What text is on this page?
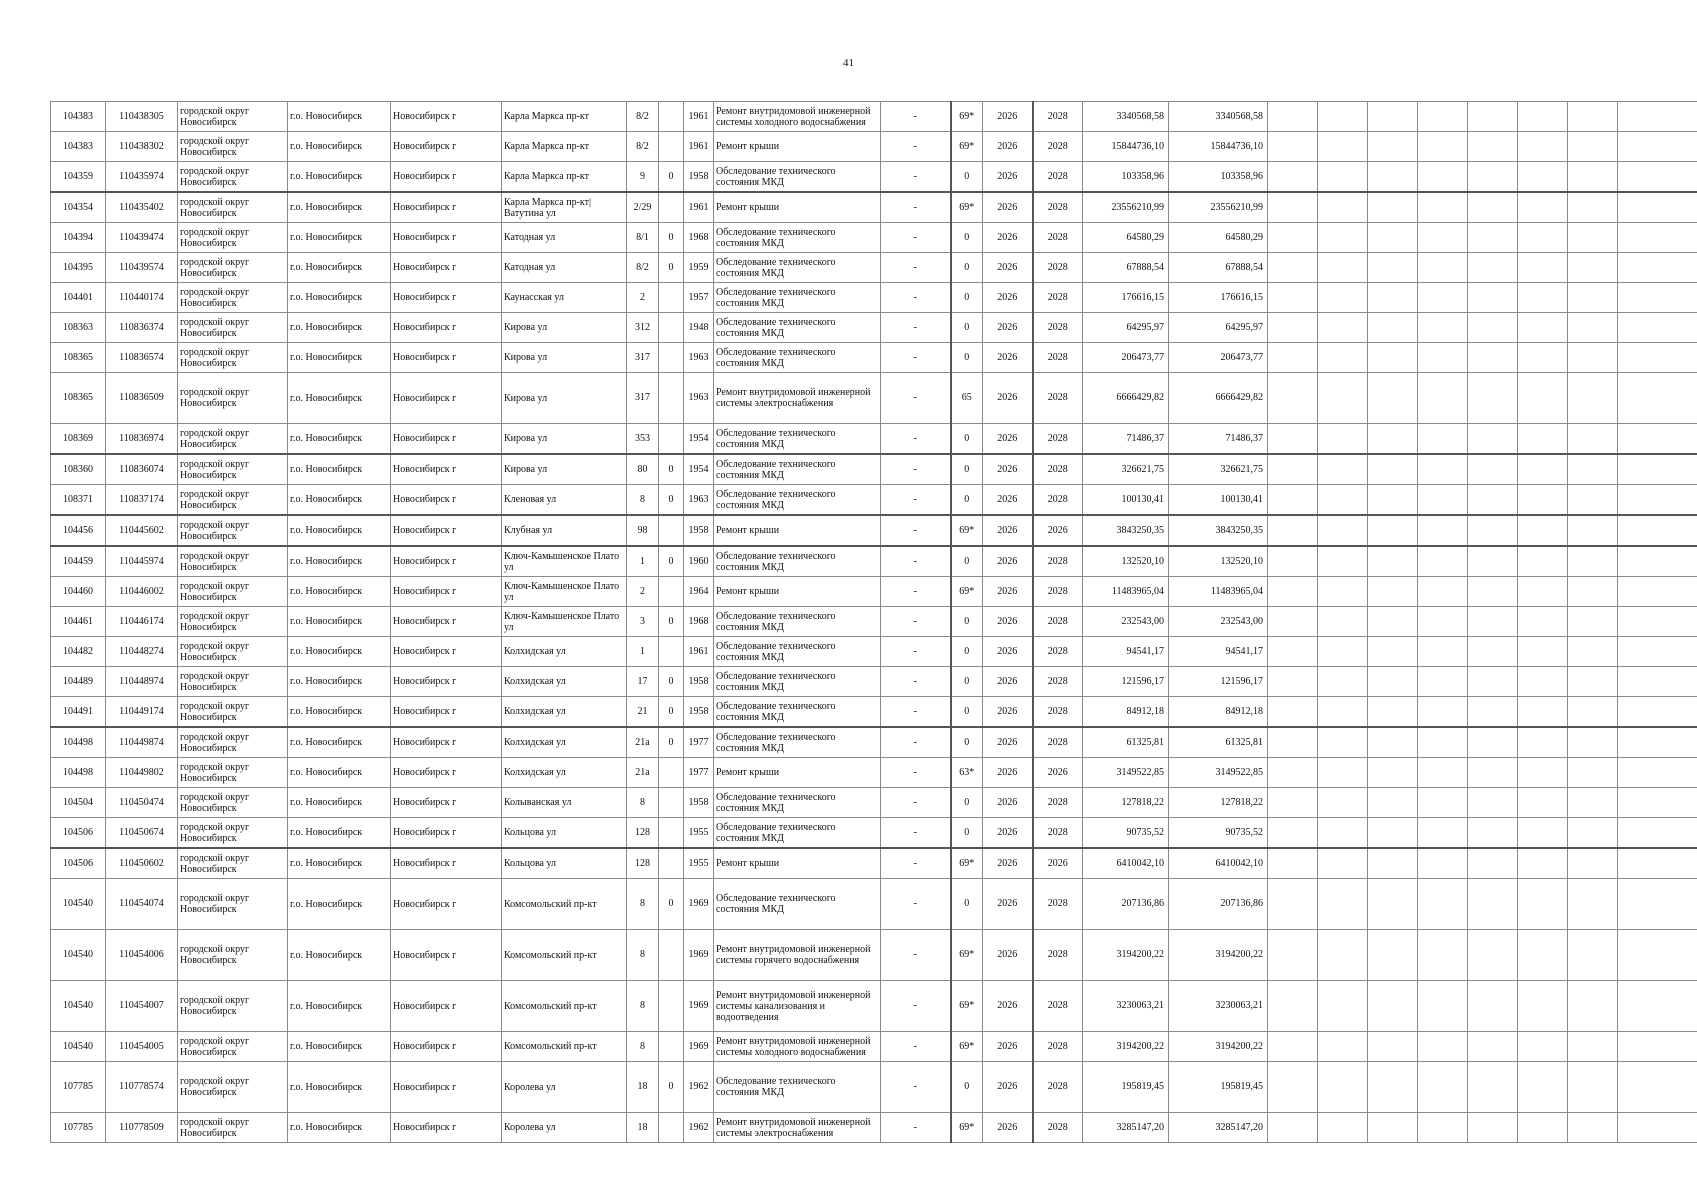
41
104383	110438305	городской округ Новосибирск	г.о. Новосибирск	Новосибирск г	Карла Маркса пр-кт	8/2		1961	Ремонт внутридомовой инженерной системы холодного водоснабжения	-	69*	2026	2028	3340568,58	3340568,58								
104383	110438302	городской округ Новосибирск	г.о. Новосибирск	Новосибирск г	Карла Маркса пр-кт	8/2		1961	Ремонт крыши	-	69*	2026	2028	15844736,10	15844736,10								
104359	110435974	городской округ Новосибирск	г.о. Новосибирск	Новосибирск г	Карла Маркса пр-кт	9	0	1958	Обследование технического состояния МКД	-	0	2026	2028	103358,96	103358,96								
104354	110435402	городской округ Новосибирск	г.о. Новосибирск	Новосибирск г	Карла Маркса пр-кт|Ватутина ул	2/29		1961	Ремонт крыши	-	69*	2026	2028	23556210,99	23556210,99								
104394	110439474	городской округ Новосибирск	г.о. Новосибирск	Новосибирск г	Катодная ул	8/1	0	1968	Обследование технического состояния МКД	-	0	2026	2028	64580,29	64580,29								
104395	110439574	городской округ Новосибирск	г.о. Новосибирск	Новосибирск г	Катодная ул	8/2	0	1959	Обследование технического состояния МКД	-	0	2026	2028	67888,54	67888,54								
104401	110440174	городской округ Новосибирск	г.о. Новосибирск	Новосибирск г	Каунасская ул	2		1957	Обследование технического состояния МКД	-	0	2026	2028	176616,15	176616,15								
108363	110836374	городской округ Новосибирск	г.о. Новосибирск	Новосибирск г	Кирова ул	312		1948	Обследование технического состояния МКД	-	0	2026	2028	64295,97	64295,97								
108365	110836574	городской округ Новосибирск	г.о. Новосибирск	Новосибирск г	Кирова ул	317		1963	Обследование технического состояния МКД	-	0	2026	2028	206473,77	206473,77								
108365	110836509	городской округ Новосибирск	г.о. Новосибирск	Новосибирск г	Кирова ул	317		1963	Ремонт внутридомовой инженерной системы электроснабжения	-	65	2026	2028	6666429,82	6666429,82								
108369	110836974	городской округ Новосибирск	г.о. Новосибирск	Новосибирск г	Кирова ул	353		1954	Обследование технического состояния МКД	-	0	2026	2028	71486,37	71486,37								
108360	110836074	городской округ Новосибирск	г.о. Новосибирск	Новосибирск г	Кирова ул	80	0	1954	Обследование технического состояния МКД	-	0	2026	2028	326621,75	326621,75								
108371	110837174	городской округ Новосибирск	г.о. Новосибирск	Новосибирск г	Кленовая ул	8	0	1963	Обследование технического состояния МКД	-	0	2026	2028	100130,41	100130,41								
104456	110445602	городской округ Новосибирск	г.о. Новосибирск	Новосибирск г	Клубная ул	98		1958	Ремонт крыши	-	69*	2026	2026	3843250,35	3843250,35								
104459	110445974	городской округ Новосибирск	г.о. Новосибирск	Новосибирск г	Ключ-Камышенское Плато ул	1	0	1960	Обследование технического состояния МКД	-	0	2026	2028	132520,10	132520,10								
104460	110446002	городской округ Новосибирск	г.о. Новосибирск	Новосибирск г	Ключ-Камышенское Плато ул	2		1964	Ремонт крыши	-	69*	2026	2028	11483965,04	11483965,04								
104461	110446174	городской округ Новосибирск	г.о. Новосибирск	Новосибирск г	Ключ-Камышенское Плато ул	3	0	1968	Обследование технического состояния МКД	-	0	2026	2028	232543,00	232543,00								
104482	110448274	городской округ Новосибирск	г.о. Новосибирск	Новосибирск г	Колхидская ул	1		1961	Обследование технического состояния МКД	-	0	2026	2028	94541,17	94541,17								
104489	110448974	городской округ Новосибирск	г.о. Новосибирск	Новосибирск г	Колхидская ул	17	0	1958	Обследование технического состояния МКД	-	0	2026	2028	121596,17	121596,17								
104491	110449174	городской округ Новосибирск	г.о. Новосибирск	Новосибирск г	Колхидская ул	21	0	1958	Обследование технического состояния МКД	-	0	2026	2028	84912,18	84912,18								
104498	110449874	городской округ Новосибирск	г.о. Новосибирск	Новосибирск г	Колхидская ул	21а	0	1977	Обследование технического состояния МКД	-	0	2026	2028	61325,81	61325,81								
104498	110449802	городской округ Новосибирск	г.о. Новосибирск	Новосибирск г	Колхидская ул	21а		1977	Ремонт крыши	-	63*	2026	2026	3149522,85	3149522,85								
104504	110450474	городской округ Новосибирск	г.о. Новосибирск	Новосибирск г	Колыванская ул	8		1958	Обследование технического состояния МКД	-	0	2026	2028	127818,22	127818,22								
104506	110450674	городской округ Новосибирск	г.о. Новосибирск	Новосибирск г	Кольцова ул	128		1955	Обследование технического состояния МКД	-	0	2026	2028	90735,52	90735,52								
104506	110450602	городской округ Новосибирск	г.о. Новосибирск	Новосибирск г	Кольцова ул	128		1955	Ремонт крыши	-	69*	2026	2026	6410042,10	6410042,10								
104540	110454074	городской округ Новосибирск	г.о. Новосибирск	Новосибирск г	Комсомольский пр-кт	8	0	1969	Обследование технического состояния МКД	-	0	2026	2028	207136,86	207136,86								
104540	110454006	городской округ Новосибирск	г.о. Новосибирск	Новосибирск г	Комсомольский пр-кт	8		1969	Ремонт внутридомовой инженерной системы горячего водоснабжения	-	69*	2026	2028	3194200,22	3194200,22								
104540	110454007	городской округ Новосибирск	г.о. Новосибирск	Новосибирск г	Комсомольский пр-кт	8		1969	Ремонт внутридомовой инженерной системы канализования и водоотведения	-	69*	2026	2028	3230063,21	3230063,21								
104540	110454005	городской округ Новосибирск	г.о. Новосибирск	Новосибирск г	Комсомольский пр-кт	8		1969	Ремонт внутридомовой инженерной системы холодного водоснабжения	-	69*	2026	2028	3194200,22	3194200,22								
107785	110778574	городской округ Новосибирск	г.о. Новосибирск	Новосибирск г	Королева ул	18	0	1962	Обследование технического состояния МКД	-	0	2026	2028	195819,45	195819,45								
107785	110778509	городской округ Новосибирск	г.о. Новосибирск	Новосибирск г	Королева ул	18		1962	Ремонт внутридомовой инженерной системы электроснабжения	-	69*	2026	2028	3285147,20	3285147,20								
